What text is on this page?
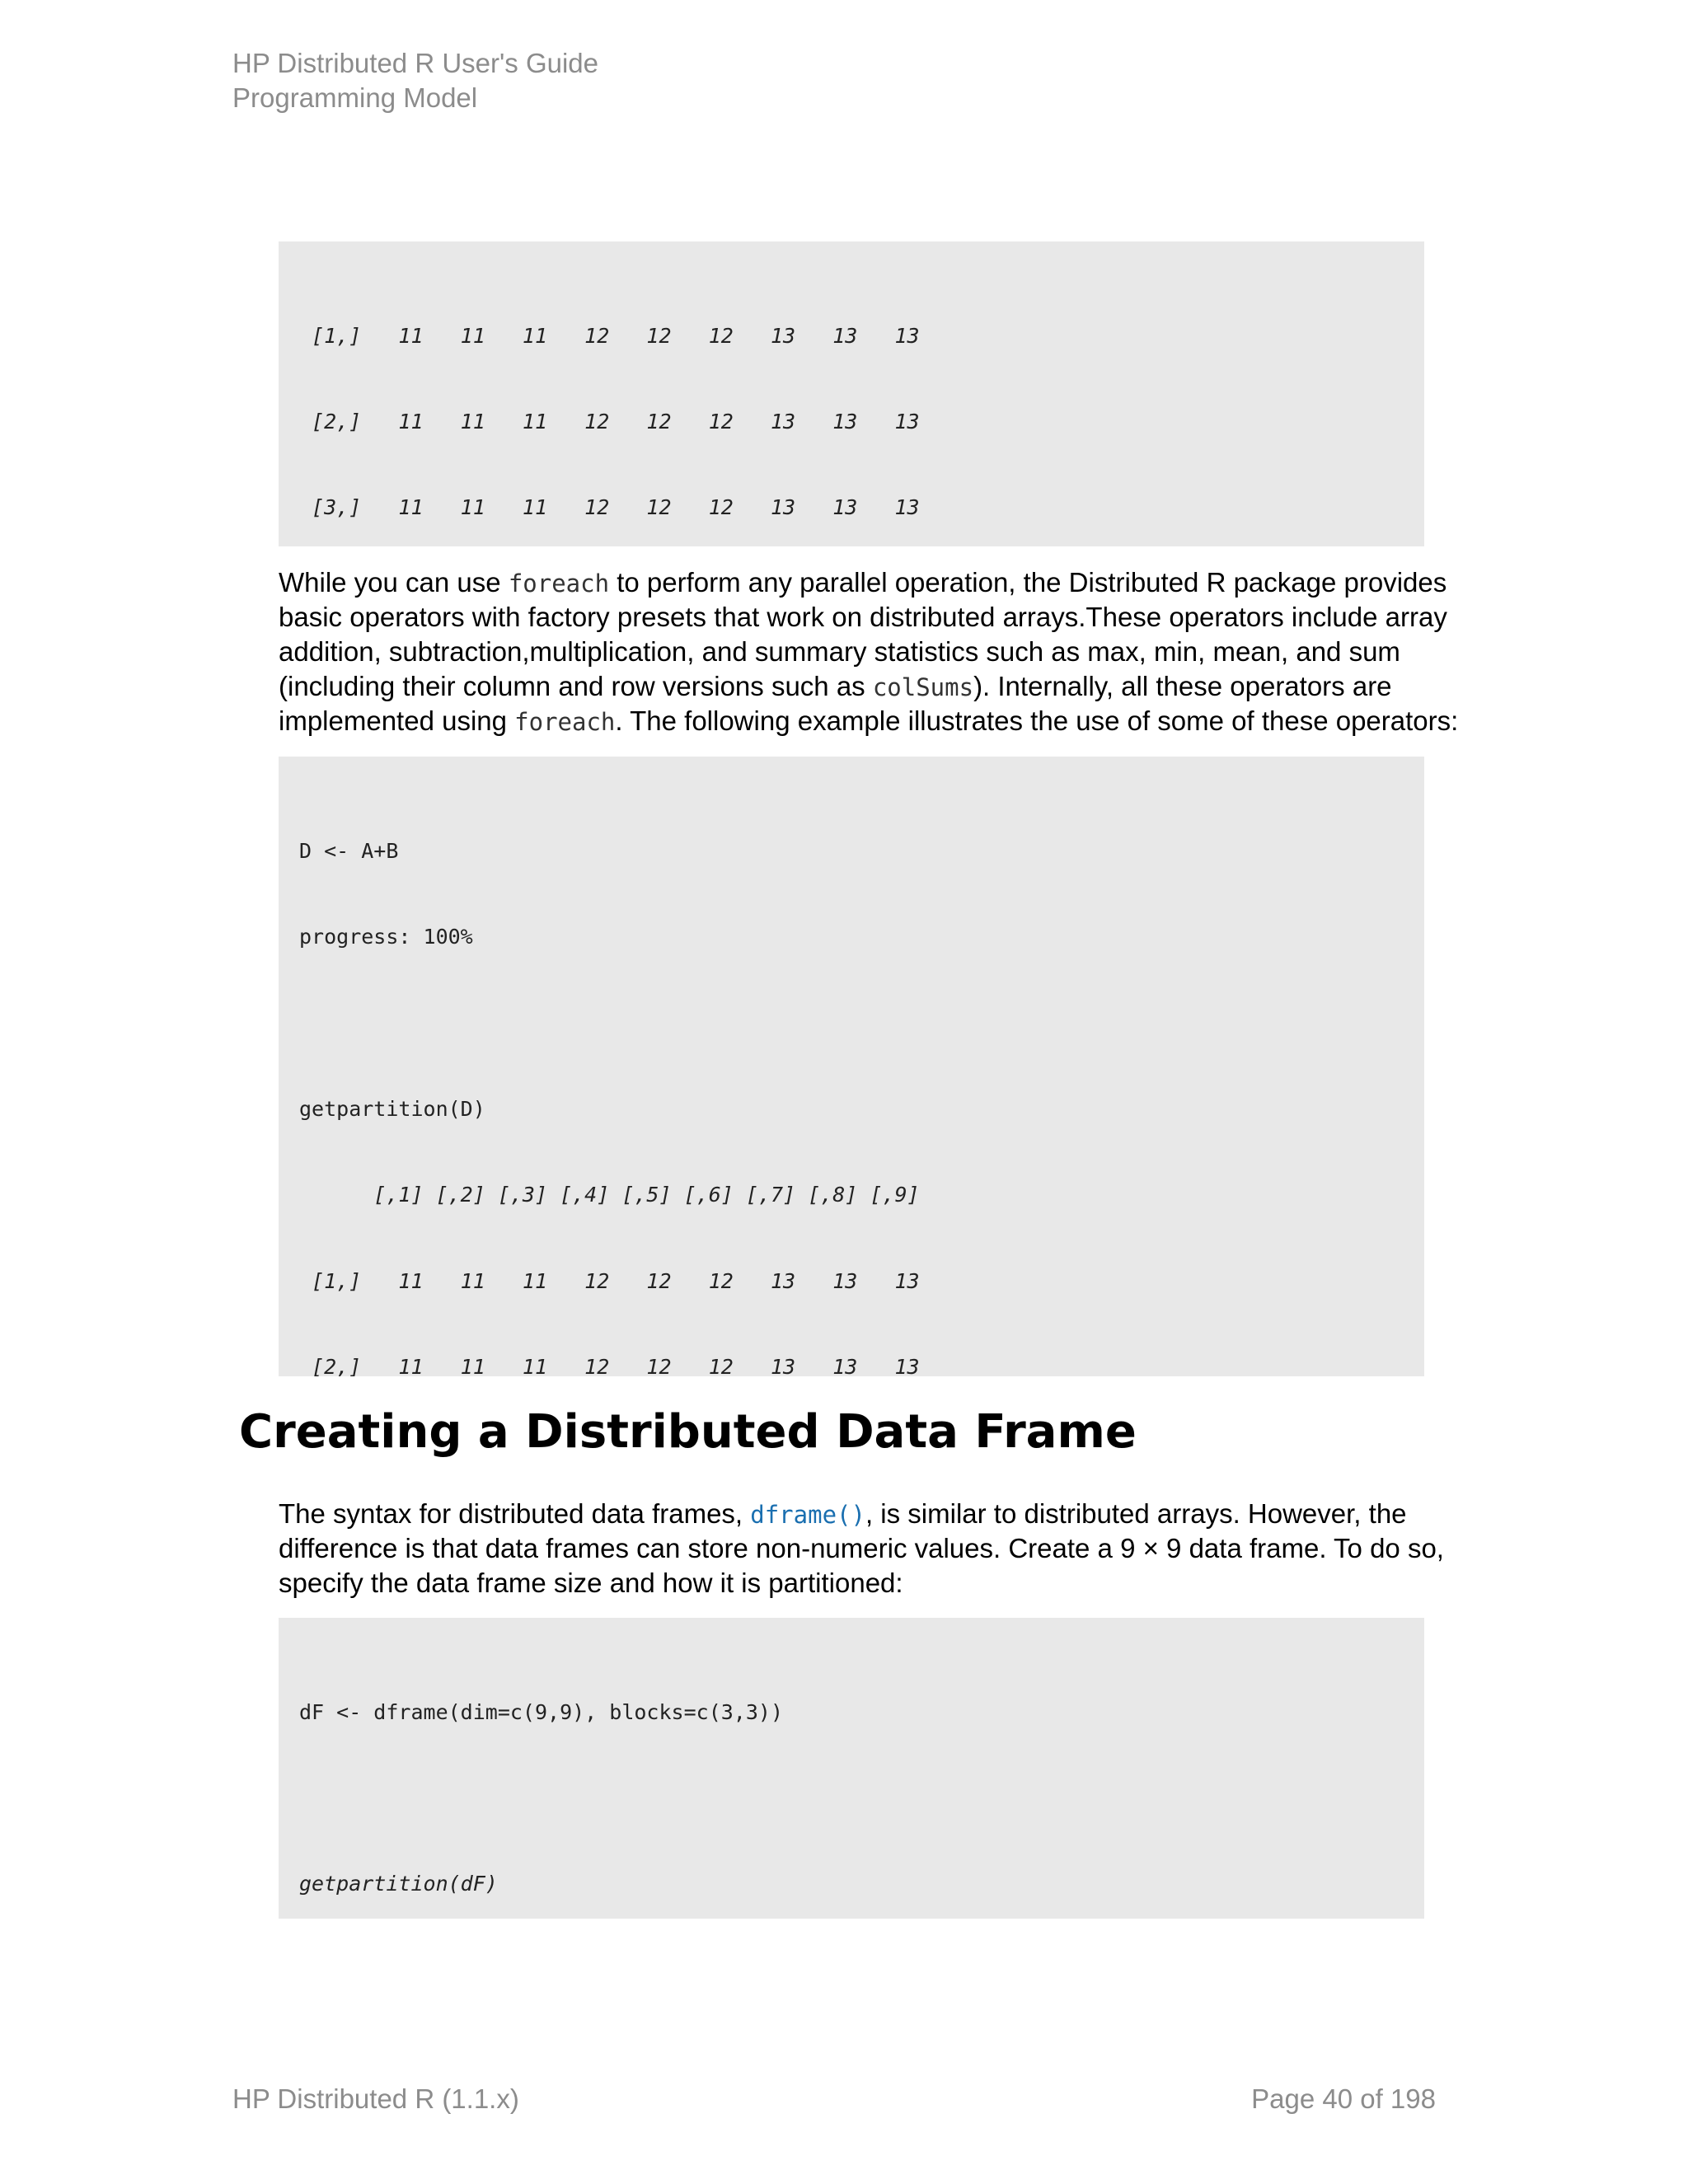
HP Distributed R User's Guide
Programming Model

[1,]   11   11   11   12   12   12   13   13   13

[2,]   11   11   11   12   12   12   13   13   13

[3,]   11   11   11   12   12   12   13   13   13

While you can use foreach to perform any parallel operation, the Distributed R package provides
basic operators with factory presets that work on distributed arrays.These operators include array
addition, subtraction,multiplication, and summary statistics such as max, min, mean, and sum
(including their column and row versions such as colSums). Internally, all these operators are
implemented using foreach. The following example illustrates the use of some of these operators:

D <- A+B

progress: 100%

getpartition(D)

[,1] [,2] [,3] [,4] [,5] [,6] [,7] [,8] [,9]

[1,]   11   11   11   12   12   12   13   13   13

[2,]   11   11   11   12   12   12   13   13   13

Creating a Distributed Data Frame
The syntax for distributed data frames, dframe(), is similar to distributed arrays. However, the
difference is that data frames can store non-numeric values. Create a 9 × 9 data frame. To do so,
specify the data frame size and how it is partitioned:

dF <- dframe(dim=c(9,9), blocks=c(3,3))

getpartition(dF)

HP Distributed R (1.1.x)	Page 40 of 198
